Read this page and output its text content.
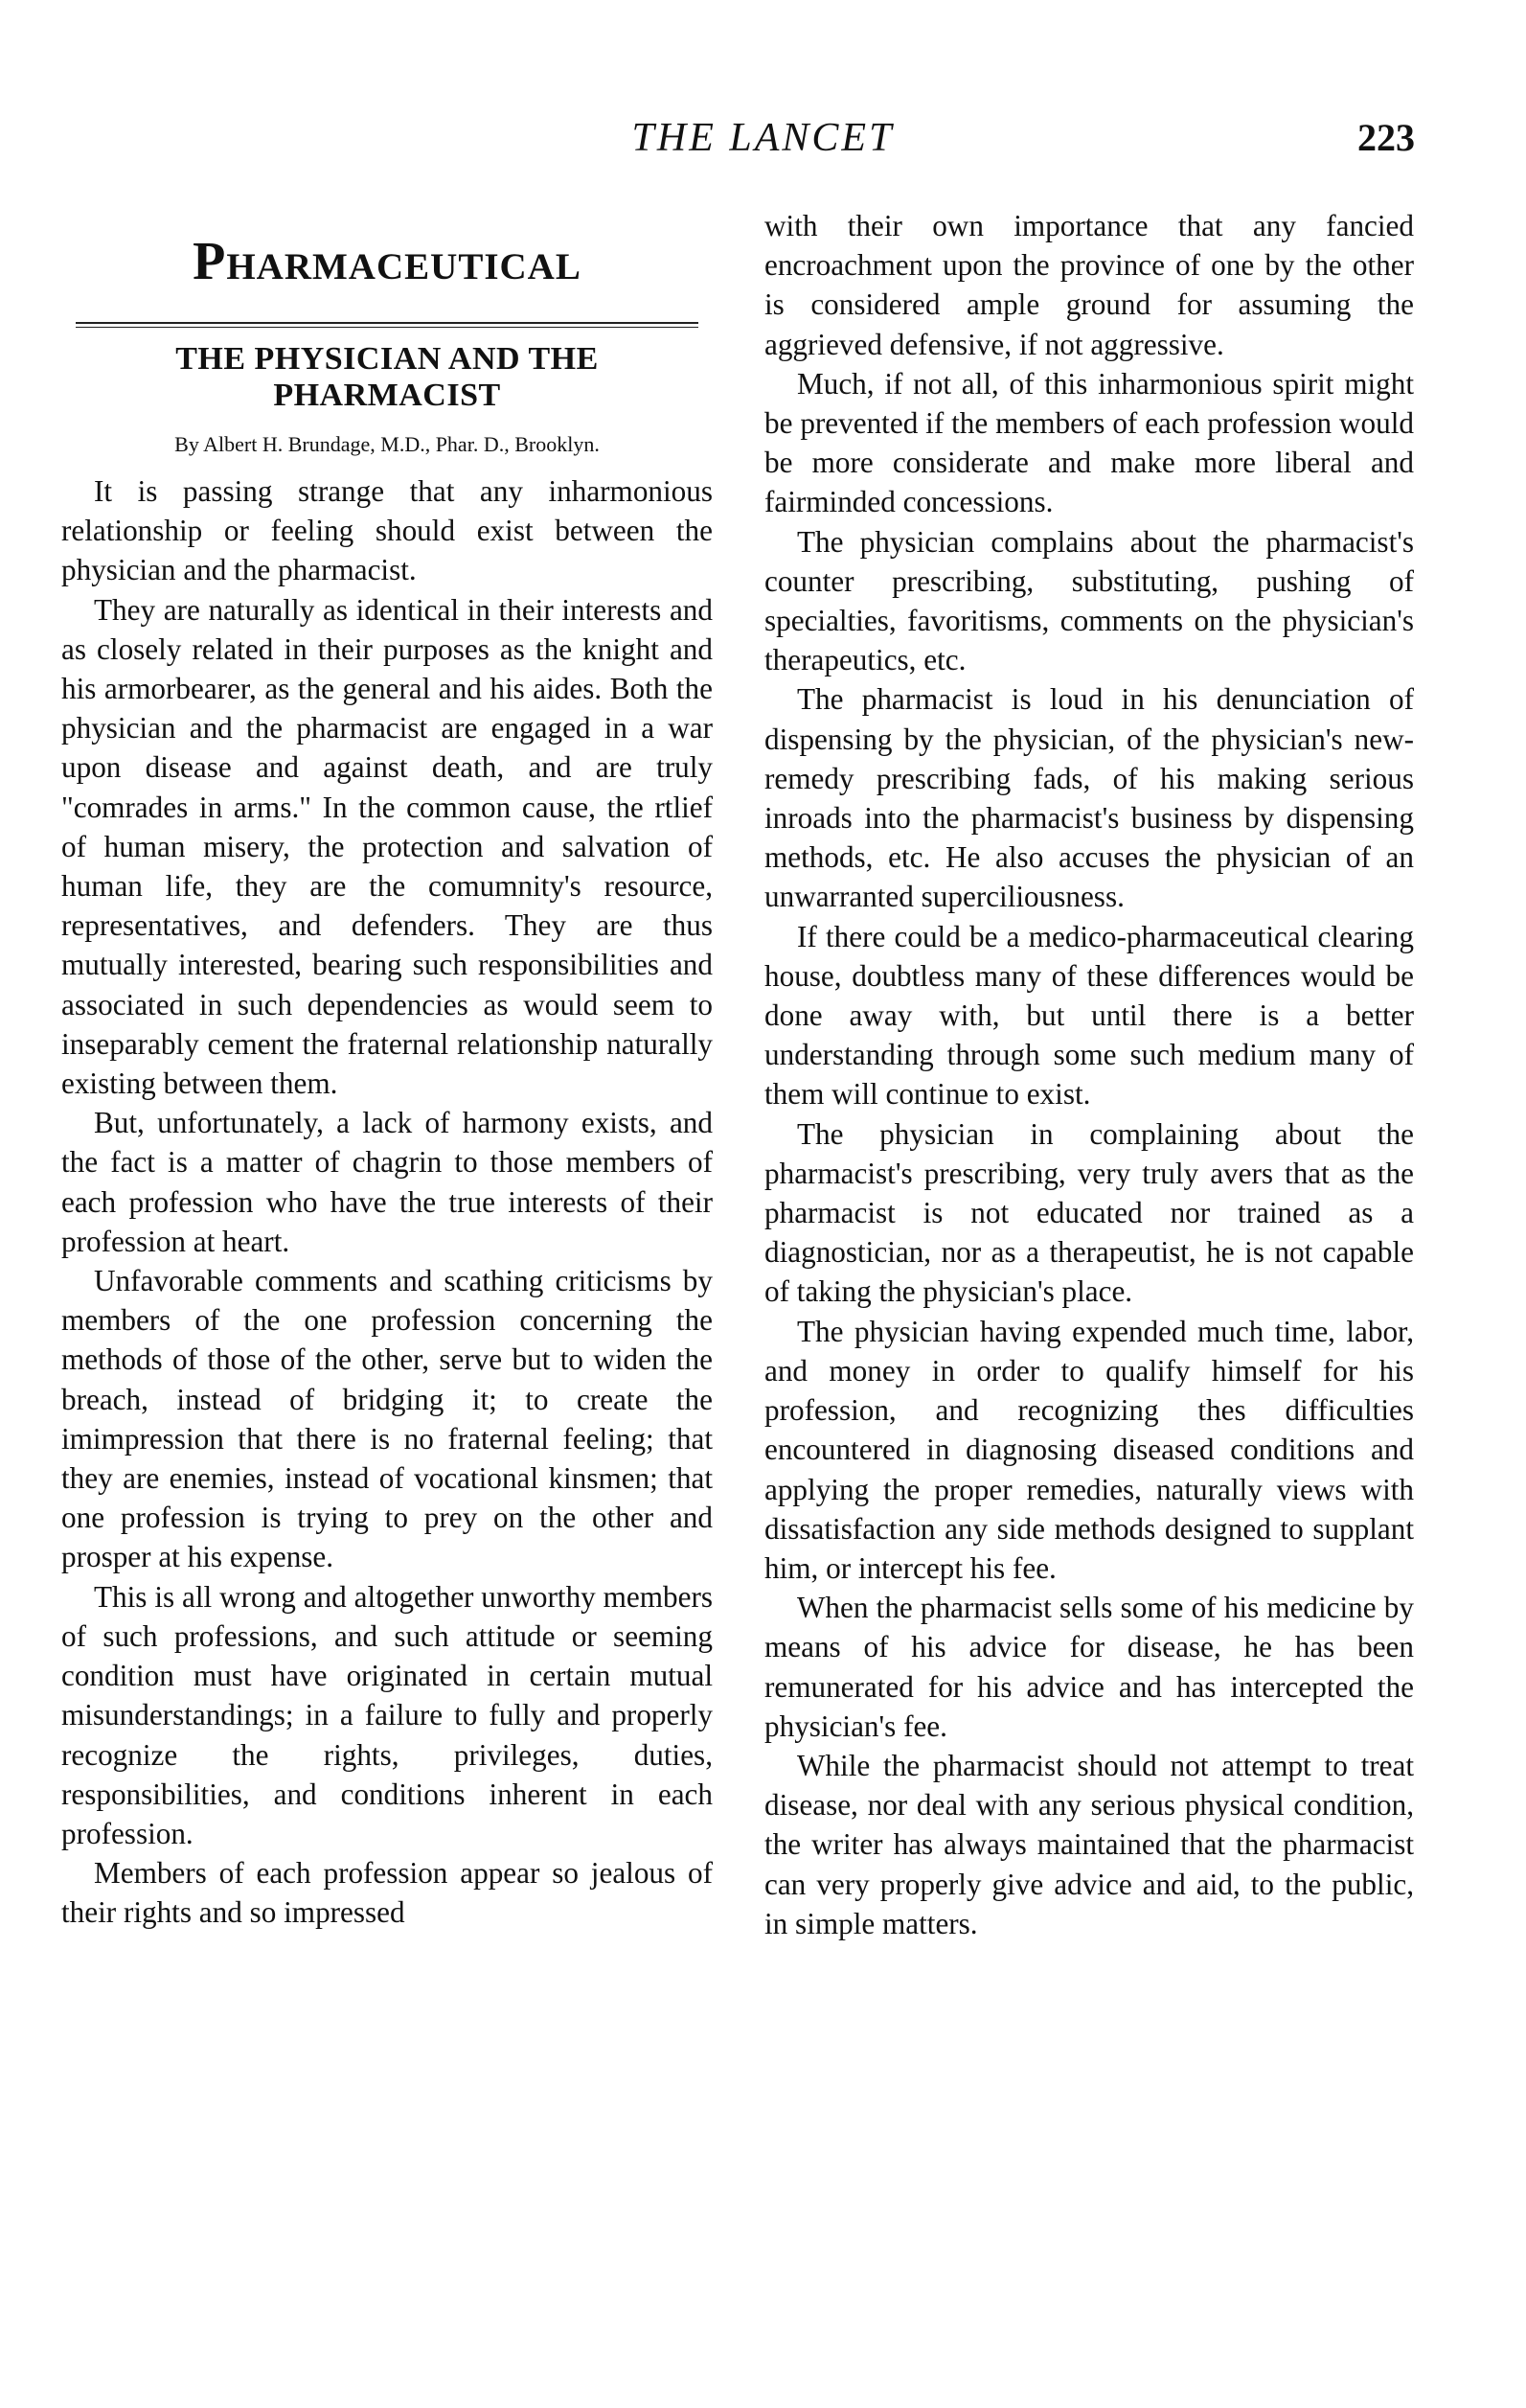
THE LANCET	223
Pharmaceutical
THE PHYSICIAN AND THE PHARMACIST
By Albert H. Brundage, M.D., Phar. D., Brooklyn.

It is passing strange that any inharmonious relationship or feeling should exist between the physician and the pharmacist.

They are naturally as identical in their interests and as closely related in their purposes as the knight and his armorbearer, as the general and his aides. Both the physician and the pharmacist are engaged in a war upon disease and against death, and are truly "comrades in arms." In the common cause, the rtlief of human misery, the protection and salvation of human life, they are the comumnity's resource, representatives, and defenders. They are thus mutually interested, bearing such responsibilities and associated in such dependencies as would seem to inseparably cement the fraternal relationship naturally existing between them.

But, unfortunately, a lack of harmony exists, and the fact is a matter of chagrin to those members of each profession who have the true interests of their profession at heart.

Unfavorable comments and scathing criticisms by members of the one profession concerning the methods of those of the other, serve but to widen the breach, instead of bridging it; to create the imimpression that there is no fraternal feeling; that they are enemies, instead of vocational kinsmen; that one profession is trying to prey on the other and prosper at his expense.

This is all wrong and altogether unworthy members of such professions, and such attitude or seeming condition must have originated in certain mutual misunderstandings; in a failure to fully and properly recognize the rights, privileges, duties, responsibilities, and conditions inherent in each profession.

Members of each profession appear so jealous of their rights and so impressed

with their own importance that any fancied encroachment upon the province of one by the other is considered ample ground for assuming the aggrieved defensive, if not aggressive.

Much, if not all, of this inharmonious spirit might be prevented if the members of each profession would be more considerate and make more liberal and fairminded concessions.

The physician complains about the pharmacist's counter prescribing, substituting, pushing of specialties, favoritisms, comments on the physician's therapeutics, etc.

The pharmacist is loud in his denunciation of dispensing by the physician, of the physician's new-remedy prescribing fads, of his making serious inroads into the pharmacist's business by dispensing methods, etc. He also accuses the physician of an unwarranted superciliousness.

If there could be a medico-pharmaceutical clearing house, doubtless many of these differences would be done away with, but until there is a better understanding through some such medium many of them will continue to exist.

The physician in complaining about the pharmacist's prescribing, very truly avers that as the pharmacist is not educated nor trained as a diagnostician, nor as a therapeutist, he is not capable of taking the physician's place.

The physician having expended much time, labor, and money in order to qualify himself for his profession, and recognizing thes difficulties encountered in diagnosing diseased conditions and applying the proper remedies, naturally views with dissatisfaction any side methods designed to supplant him, or intercept his fee.

When the pharmacist sells some of his medicine by means of his advice for disease, he has been remunerated for his advice and has intercepted the physician's fee.

While the pharmacist should not attempt to treat disease, nor deal with any serious physical condition, the writer has always maintained that the pharmacist can very properly give advice and aid, to the public, in simple matters.
